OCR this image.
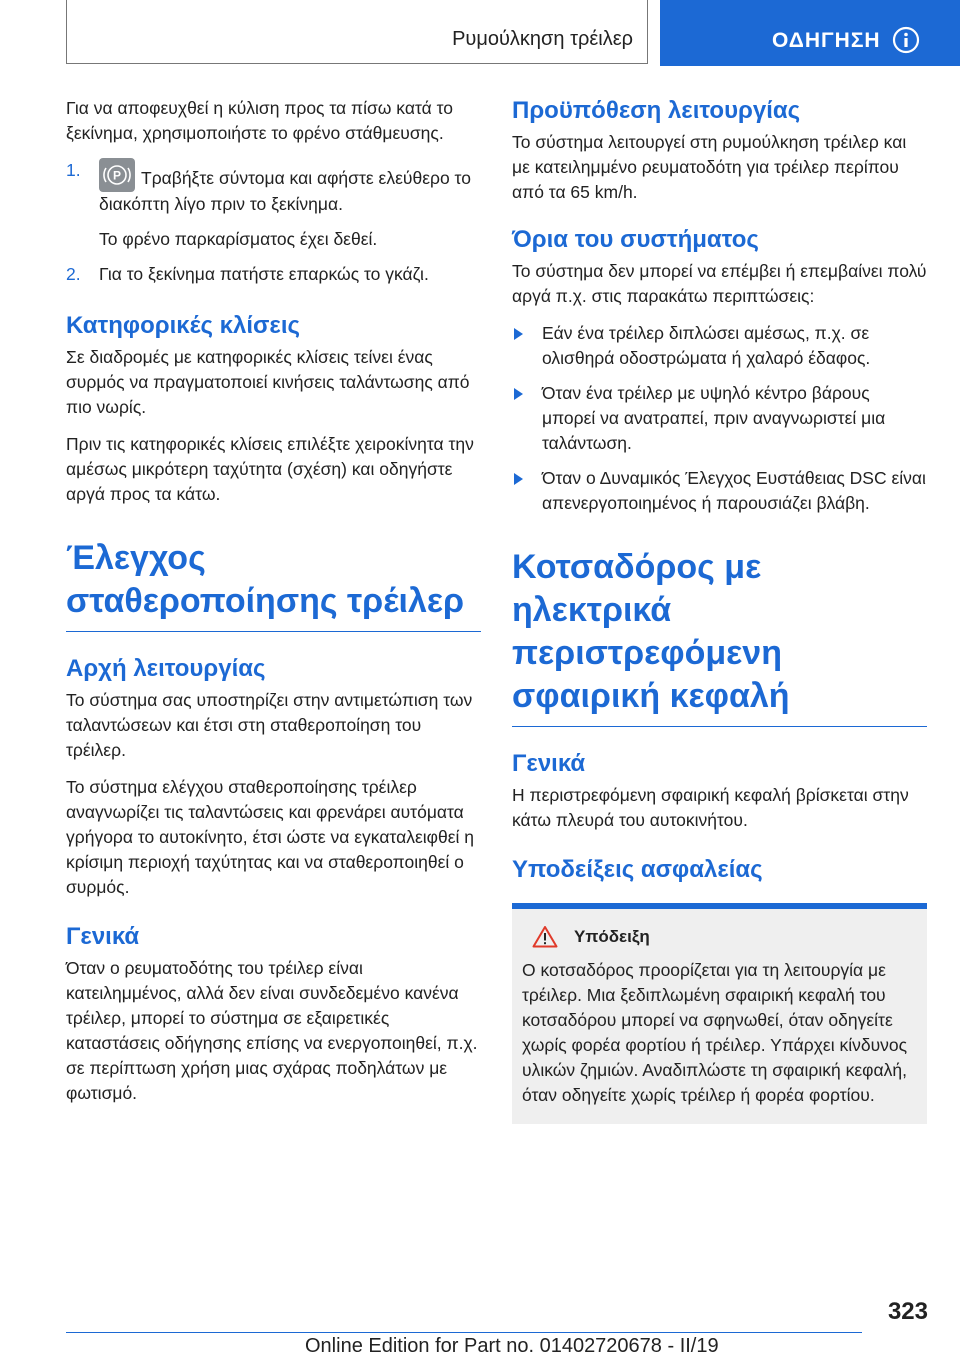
Ρυμούλκηση τρέιλερ	ΟΔΗΓΗΣΗ

Για να αποφευχθεί η κύλιση προς τα πίσω κατά το ξεκίνημα, χρησιμοποιήστε το φρένο στάθμευσης.

1.	P Τραβήξτε σύντομα και αφήστε ελεύθερο το διακόπτη λίγο πριν το ξεκίνημα.
Το φρένο παρκαρίσματος έχει δεθεί.
2. Για το ξεκίνημα πατήστε επαρκώς το γκάζι.
Κατηφορικές κλίσεις

Σε διαδρομές με κατηφορικές κλίσεις τείνει ένας συρμός να πραγματοποιεί κινήσεις ταλάντωσης από πιο νωρίς.

Πριν τις κατηφορικές κλίσεις επιλέξτε χειροκίνητα την αμέσως μικρότερη ταχύτητα (σχέση) και οδηγήστε αργά προς τα κάτω.

Έλεγχος σταθεροποίησης τρέιλερ
Αρχή λειτουργίας

Το σύστημα σας υποστηρίζει στην αντιμετώπιση των ταλαντώσεων και έτσι στη σταθεροποίηση του τρέιλερ.

Το σύστημα ελέγχου σταθεροποίησης τρέιλερ αναγνωρίζει τις ταλαντώσεις και φρενάρει αυτόματα γρήγορα το αυτοκίνητο, έτσι ώστε να εγκαταλειφθεί η κρίσιμη περιοχή ταχύτητας και να σταθεροποιηθεί ο συρμός.

Γενικά

Όταν ο ρευματοδότης του τρέιλερ είναι κατειλημμένος, αλλά δεν είναι συνδεδεμένο κανένα τρέιλερ, μπορεί το σύστημα σε εξαιρετικές καταστάσεις οδήγησης επίσης να ενεργοποιηθεί, π.χ. σε περίπτωση χρήση μιας σχάρας ποδηλάτων με φωτισμό.

Προϋπόθεση λειτουργίας

Το σύστημα λειτουργεί στη ρυμούλκηση τρέιλερ και με κατειλημμένο ρευματοδότη για τρέιλερ περίπου από τα 65 km/h.

Όρια του συστήματος

Το σύστημα δεν μπορεί να επέμβει ή επεμβαίνει πολύ αργά π.χ. στις παρακάτω περιπτώσεις:

Εάν ένα τρέιλερ διπλώσει αμέσως, π.χ. σε ολισθηρά οδοστρώματα ή χαλαρό έδαφος.
Όταν ένα τρέιλερ με υψηλό κέντρο βάρους μπορεί να ανατραπεί, πριν αναγνωριστεί μια ταλάντωση.
Όταν ο Δυναμικός Έλεγχος Ευστάθειας DSC είναι απενεργοποιημένος ή παρουσιάζει βλάβη.
Κοτσαδόρος με ηλεκτρικά περιστρεφόμενη σφαιρική κεφαλή
Γενικά

Η περιστρεφόμενη σφαιρική κεφαλή βρίσκεται στην κάτω πλευρά του αυτοκινήτου.

Υποδείξεις ασφαλείας
Υπόδειξη

Ο κοτσαδόρος προορίζεται για τη λειτουργία με τρέιλερ. Μια ξεδιπλωμένη σφαιρική κεφαλή του κοτσαδόρου μπορεί να σφηνωθεί, όταν οδηγείτε χωρίς φορέα φορτίου ή τρέιλερ. Υπάρχει κίνδυνος υλικών ζημιών. Αναδιπλώστε τη σφαιρική κεφαλή, όταν οδηγείτε χωρίς τρέιλερ ή φορέα φορτίου.

323
Online Edition for Part no. 01402720678 - II/19
